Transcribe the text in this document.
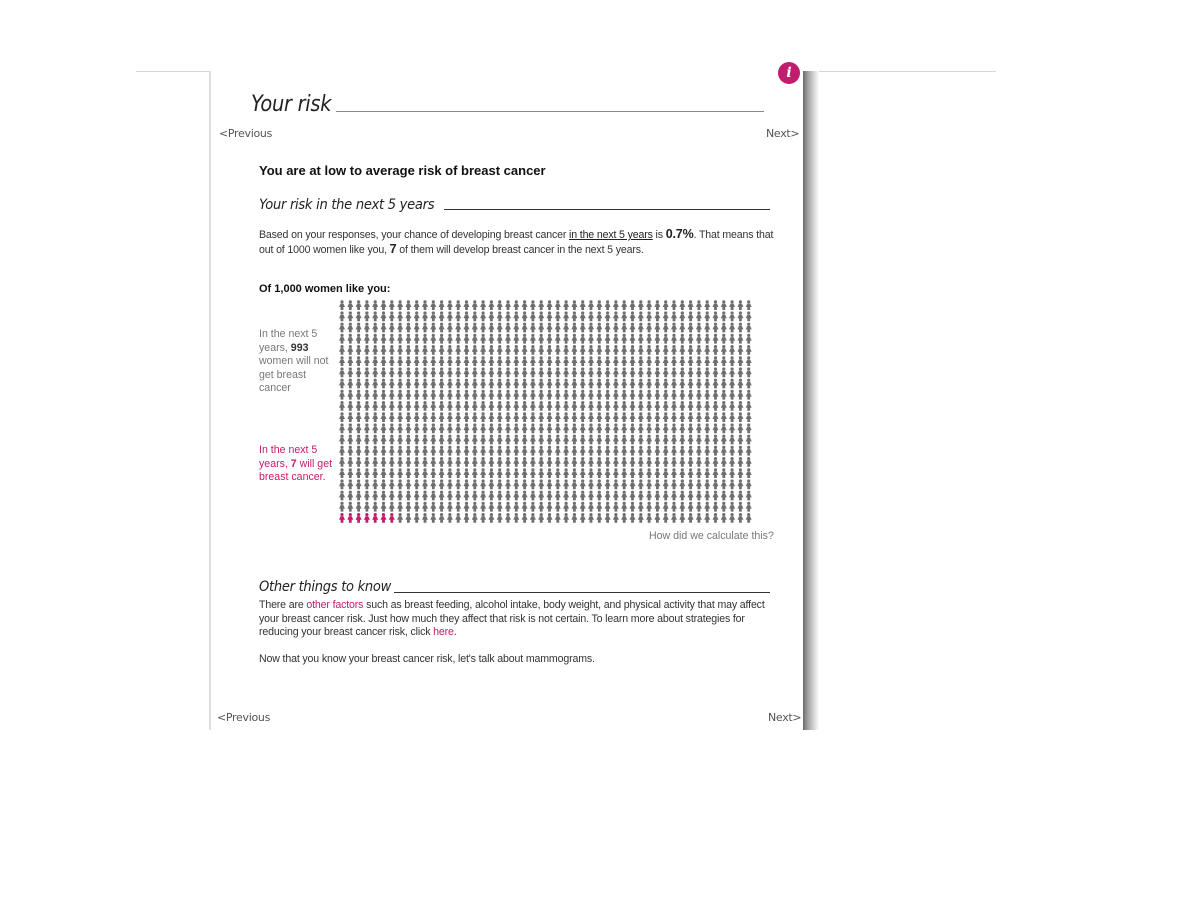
i
Your risk
<Previous	Next>
You are at low to average risk of breast cancer
Your risk in the next 5 years
Based on your responses, your chance of developing breast cancer in the next 5 years is 0.7%. That means that out of 1000 women like you, 7 of them will develop breast cancer in the next 5 years.
Of 1,000 women like you:
In the next 5 years, 993 women will not get breast cancer
In the next 5 years, 7 will get breast cancer.
How did we calculate this?
Other things to know
There are other factors such as breast feeding, alcohol intake, body weight, and physical activity that may affect your breast cancer risk. Just how much they affect that risk is not certain. To learn more about strategies for reducing your breast cancer risk, click here.
Now that you know your breast cancer risk, let's talk about mammograms.
<Previous	Next>
